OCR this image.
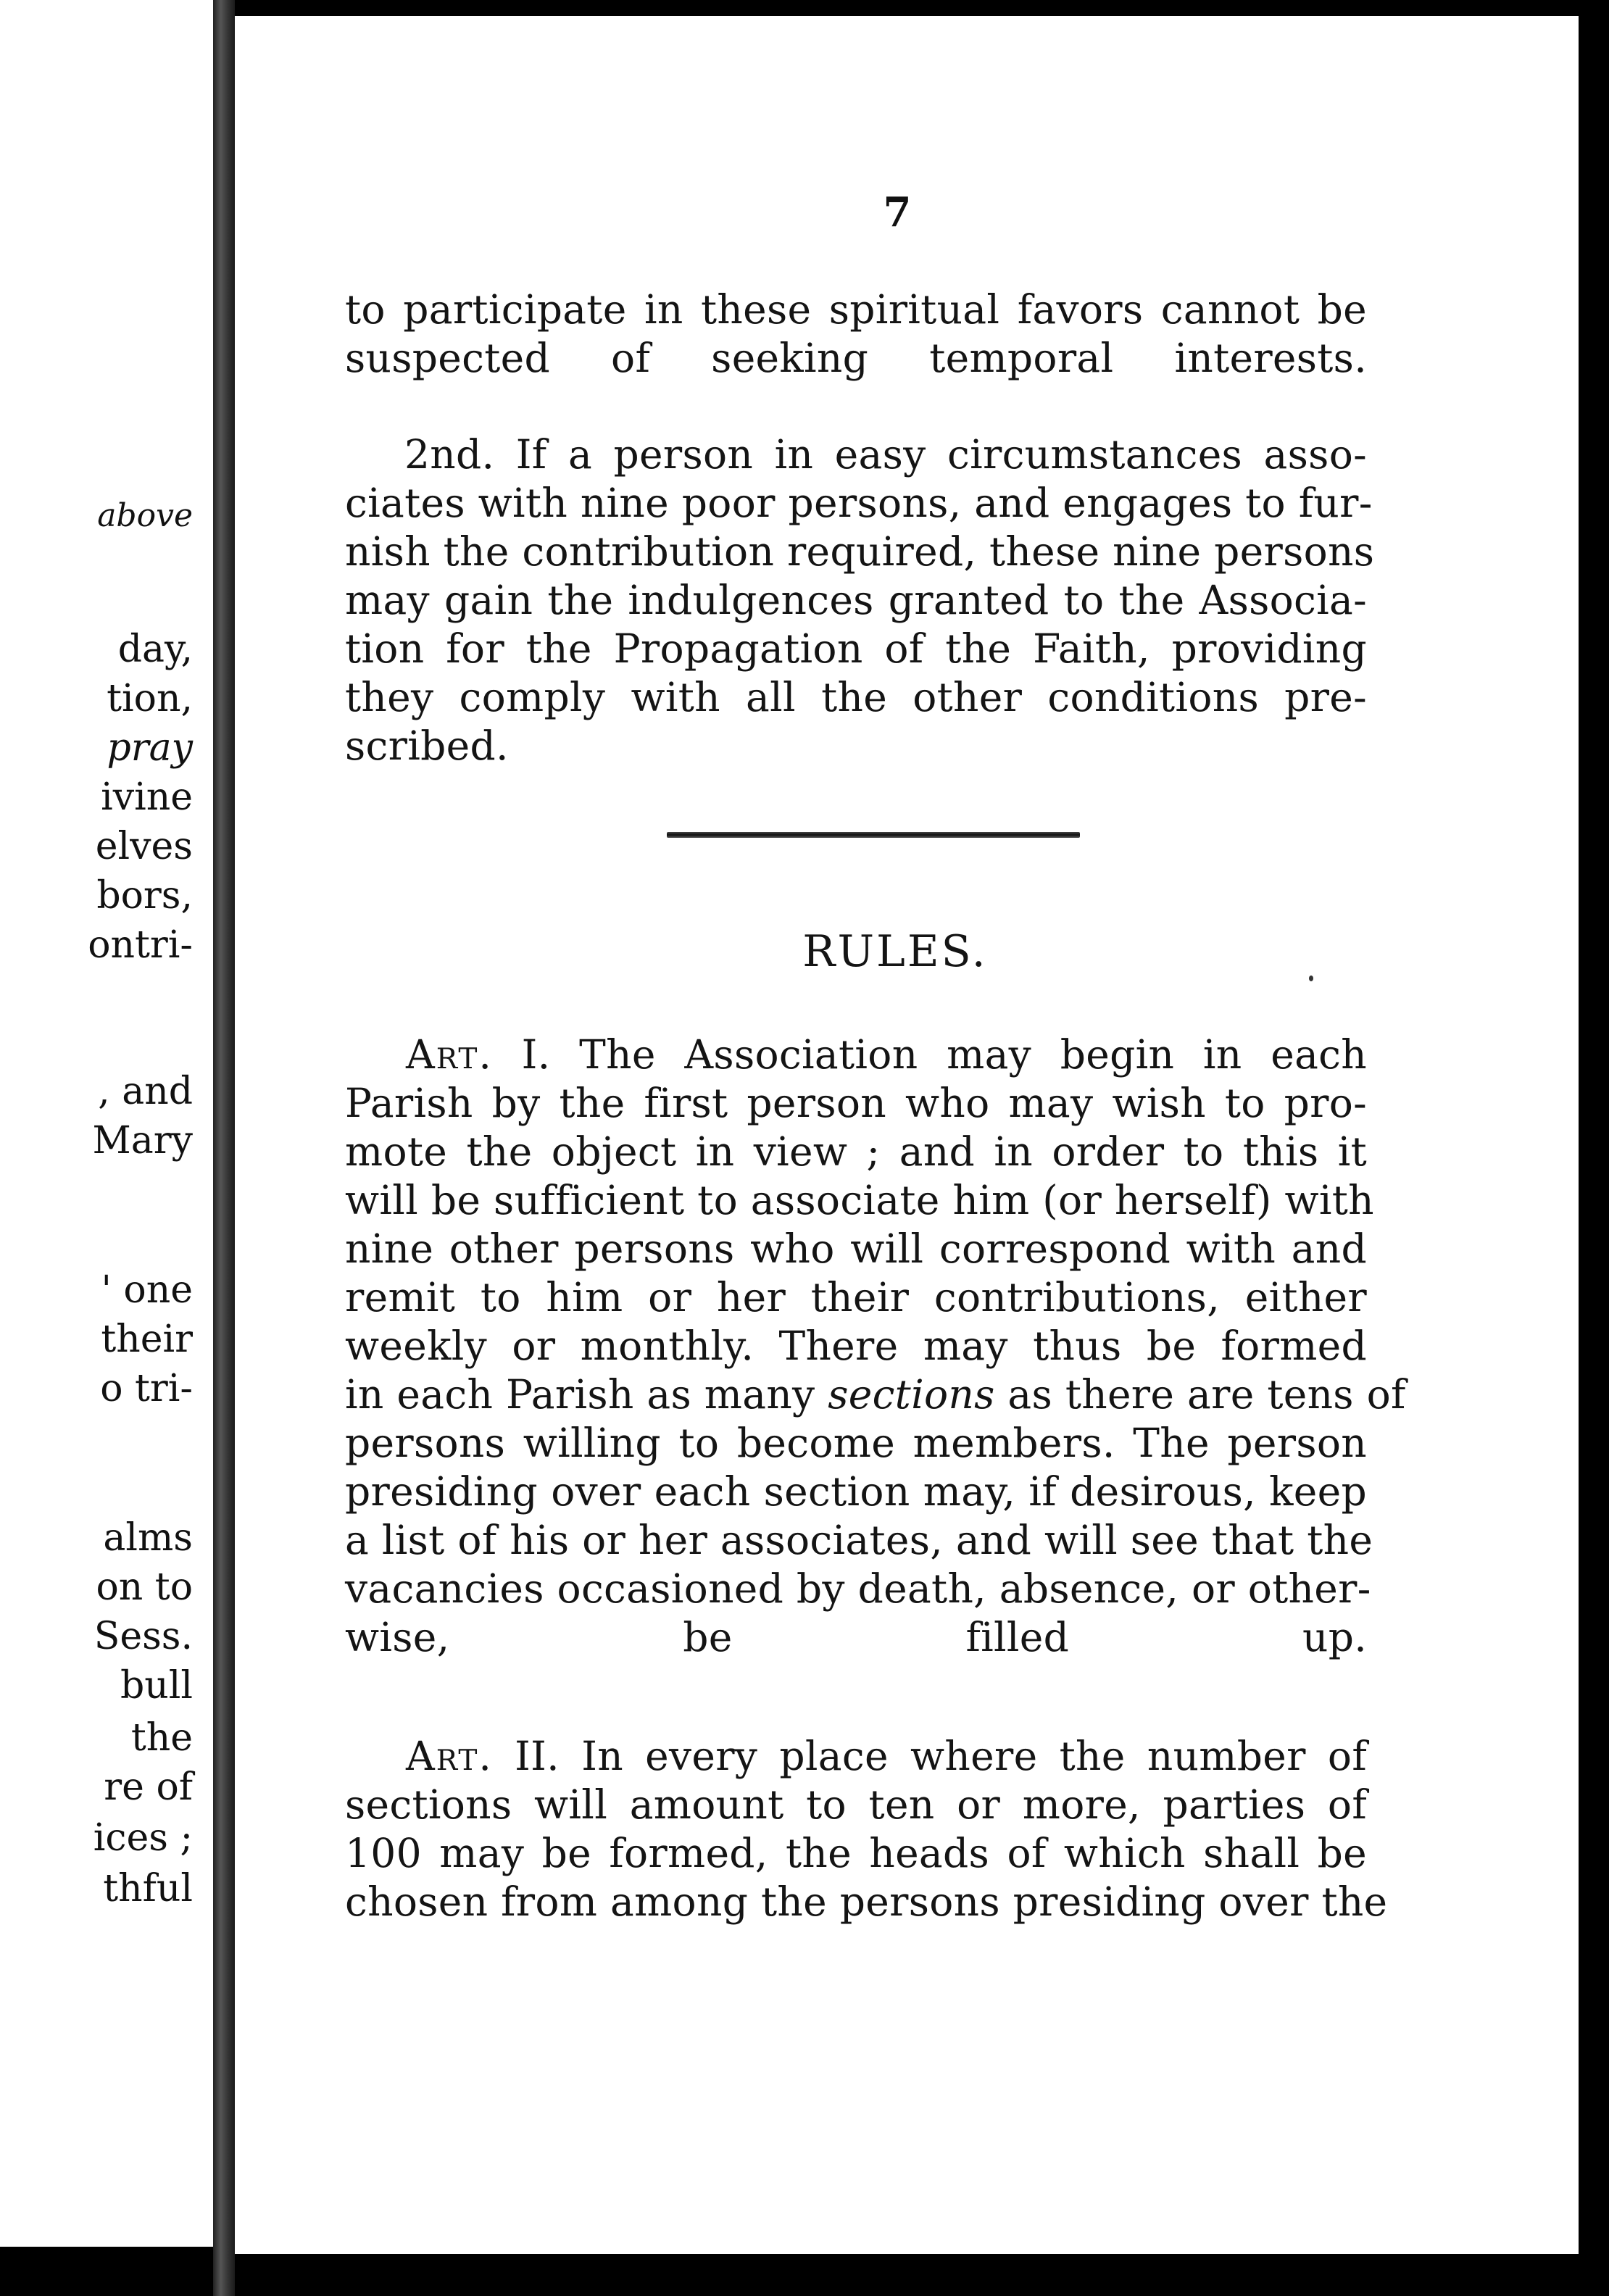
above
day,
tion,
pray
ivine
elves
bors,
ontri-
, and
Mary
' one
their
o tri-
alms
on to
Sess.
bull
the
re of
ices ;
thful
7
to participate in these spiritual favors cannot be
suspected of seeking temporal interests.
2nd. If a person in easy circumstances asso-
ciates with nine poor persons, and engages to fur-
nish the contribution required, these nine persons
may gain the indulgences granted to the Associa-
tion for the Propagation of the Faith, providing
they comply with all the other conditions pre-
scribed.
RULES.
Art. I. The Association may begin in each
Parish by the first person who may wish to pro-
mote the object in view ; and in order to this it
will be sufficient to associate him (or herself) with
nine other persons who will correspond with and
remit to him or her their contributions, either
weekly or monthly. There may thus be formed
in each Parish as many sections as there are tens of
persons willing to become members. The person
presiding over each section may, if desirous, keep
a list of his or her associates, and will see that the
vacancies occasioned by death, absence, or other-
wise, be filled up.
Art. II. In every place where the number of
sections will amount to ten or more, parties of
100 may be formed, the heads of which shall be
chosen from among the persons presiding over the
